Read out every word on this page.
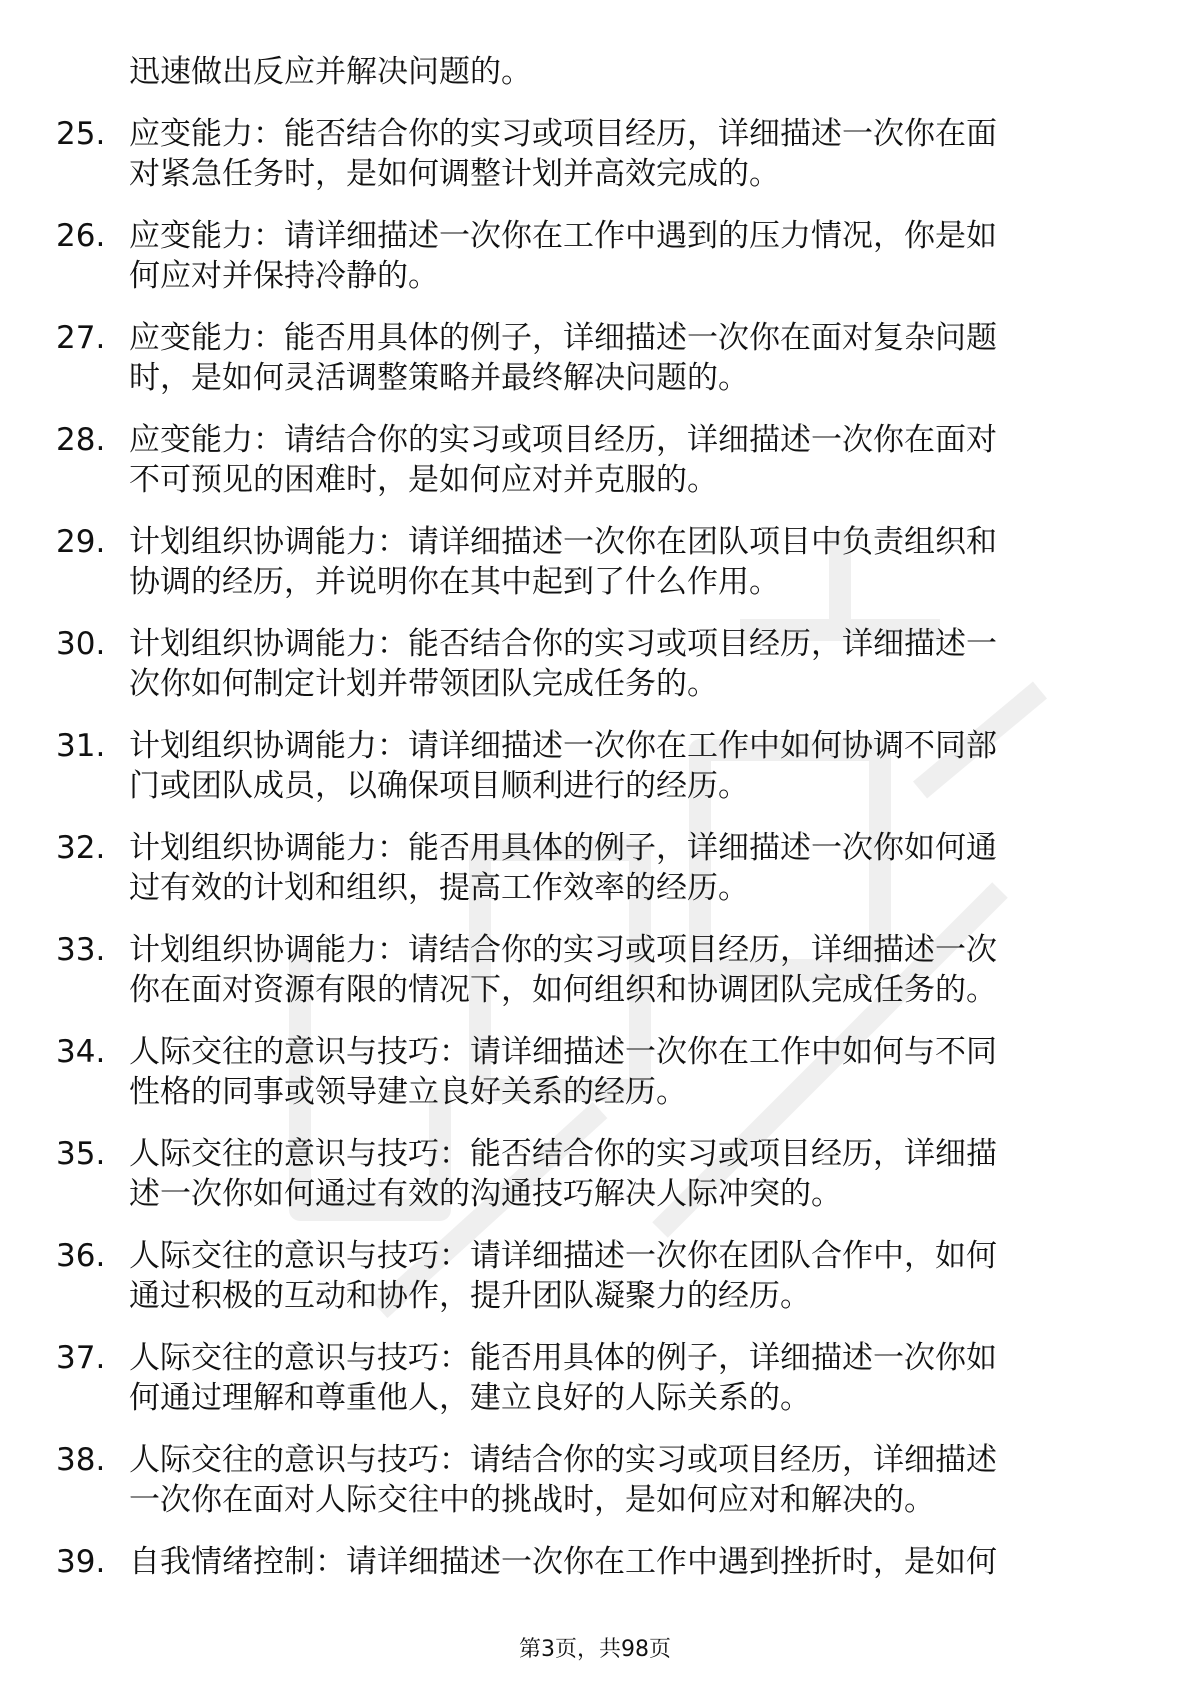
迅速做出反应并解决问题的。
25. 应变能力：能否结合你的实习或项目经历，详细描述一次你在面
对紧急任务时，是如何调整计划并高效完成的。
26. 应变能力：请详细描述一次你在工作中遇到的压力情况，你是如
何应对并保持冷静的。
27. 应变能力：能否用具体的例子，详细描述一次你在面对复杂问题
时，是如何灵活调整策略并最终解决问题的。
28. 应变能力：请结合你的实习或项目经历，详细描述一次你在面对
不可预见的困难时，是如何应对并克服的。
29. 计划组织协调能力：请详细描述一次你在团队项目中负责组织和
协调的经历，并说明你在其中起到了什么作用。
30. 计划组织协调能力：能否结合你的实习或项目经历，详细描述一
次你如何制定计划并带领团队完成任务的。
31. 计划组织协调能力：请详细描述一次你在工作中如何协调不同部
门或团队成员，以确保项目顺利进行的经历。
32. 计划组织协调能力：能否用具体的例子，详细描述一次你如何通
过有效的计划和组织，提高工作效率的经历。
33. 计划组织协调能力：请结合你的实习或项目经历，详细描述一次
你在面对资源有限的情况下，如何组织和协调团队完成任务的。
34. 人际交往的意识与技巧：请详细描述一次你在工作中如何与不同
性格的同事或领导建立良好关系的经历。
35. 人际交往的意识与技巧：能否结合你的实习或项目经历，详细描
述一次你如何通过有效的沟通技巧解决人际冲突的。
36. 人际交往的意识与技巧：请详细描述一次你在团队合作中，如何
通过积极的互动和协作，提升团队凝聚力的经历。
37. 人际交往的意识与技巧：能否用具体的例子，详细描述一次你如
何通过理解和尊重他人，建立良好的人际关系的。
38. 人际交往的意识与技巧：请结合你的实习或项目经历，详细描述
一次你在面对人际交往中的挑战时，是如何应对和解决的。
39. 自我情绪控制：请详细描述一次你在工作中遇到挫折时，是如何
第3页，共98页
